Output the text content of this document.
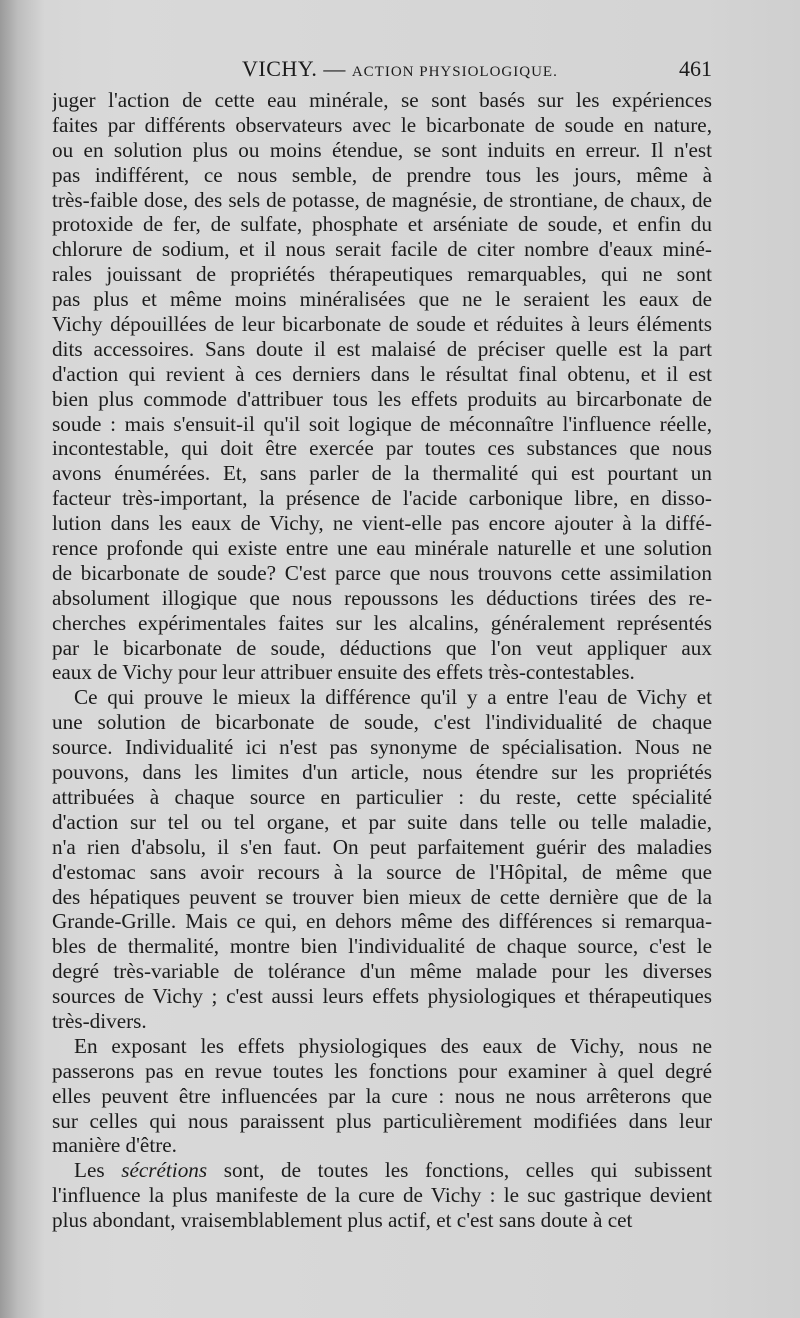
VICHY. — ACTION PHYSIOLOGIQUE.	461
juger l'action de cette eau minérale, se sont basés sur les expériences
faites par différents observateurs avec le bicarbonate de soude en nature,
ou en solution plus ou moins étendue, se sont induits en erreur. Il n'est
pas indifférent, ce nous semble, de prendre tous les jours, même à
très-faible dose, des sels de potasse, de magnésie, de strontiane, de chaux, de
protoxide de fer, de sulfate, phosphate et arséniate de soude, et enfin du
chlorure de sodium, et il nous serait facile de citer nombre d'eaux miné-
rales jouissant de propriétés thérapeutiques remarquables, qui ne sont
pas plus et même moins minéralisées que ne le seraient les eaux de
Vichy dépouillées de leur bicarbonate de soude et réduites à leurs éléments
dits accessoires. Sans doute il est malaisé de préciser quelle est la part
d'action qui revient à ces derniers dans le résultat final obtenu, et il est
bien plus commode d'attribuer tous les effets produits au bircarbonate de
soude : mais s'ensuit-il qu'il soit logique de méconnaître l'influence réelle,
incontestable, qui doit être exercée par toutes ces substances que nous
avons énumérées. Et, sans parler de la thermalité qui est pourtant un
facteur très-important, la présence de l'acide carbonique libre, en disso-
lution dans les eaux de Vichy, ne vient-elle pas encore ajouter à la diffé-
rence profonde qui existe entre une eau minérale naturelle et une solution
de bicarbonate de soude? C'est parce que nous trouvons cette assimilation
absolument illogique que nous repoussons les déductions tirées des re-
cherches expérimentales faites sur les alcalins, généralement représentés
par le bicarbonate de soude, déductions que l'on veut appliquer aux
eaux de Vichy pour leur attribuer ensuite des effets très-contestables.
Ce qui prouve le mieux la différence qu'il y a entre l'eau de Vichy et
une solution de bicarbonate de soude, c'est l'individualité de chaque
source. Individualité ici n'est pas synonyme de spécialisation. Nous ne
pouvons, dans les limites d'un article, nous étendre sur les propriétés
attribuées à chaque source en particulier : du reste, cette spécialité
d'action sur tel ou tel organe, et par suite dans telle ou telle maladie,
n'a rien d'absolu, il s'en faut. On peut parfaitement guérir des maladies
d'estomac sans avoir recours à la source de l'Hôpital, de même que
des hépatiques peuvent se trouver bien mieux de cette dernière que de la
Grande-Grille. Mais ce qui, en dehors même des différences si remarqua-
bles de thermalité, montre bien l'individualité de chaque source, c'est le
degré très-variable de tolérance d'un même malade pour les diverses
sources de Vichy ; c'est aussi leurs effets physiologiques et thérapeutiques
très-divers.
En exposant les effets physiologiques des eaux de Vichy, nous ne
passerons pas en revue toutes les fonctions pour examiner à quel degré
elles peuvent être influencées par la cure : nous ne nous arrêterons que
sur celles qui nous paraissent plus particulièrement modifiées dans leur
manière d'être.
Les sécrétions sont, de toutes les fonctions, celles qui subissent
l'influence la plus manifeste de la cure de Vichy : le suc gastrique devient
plus abondant, vraisemblablement plus actif, et c'est sans doute à cet
